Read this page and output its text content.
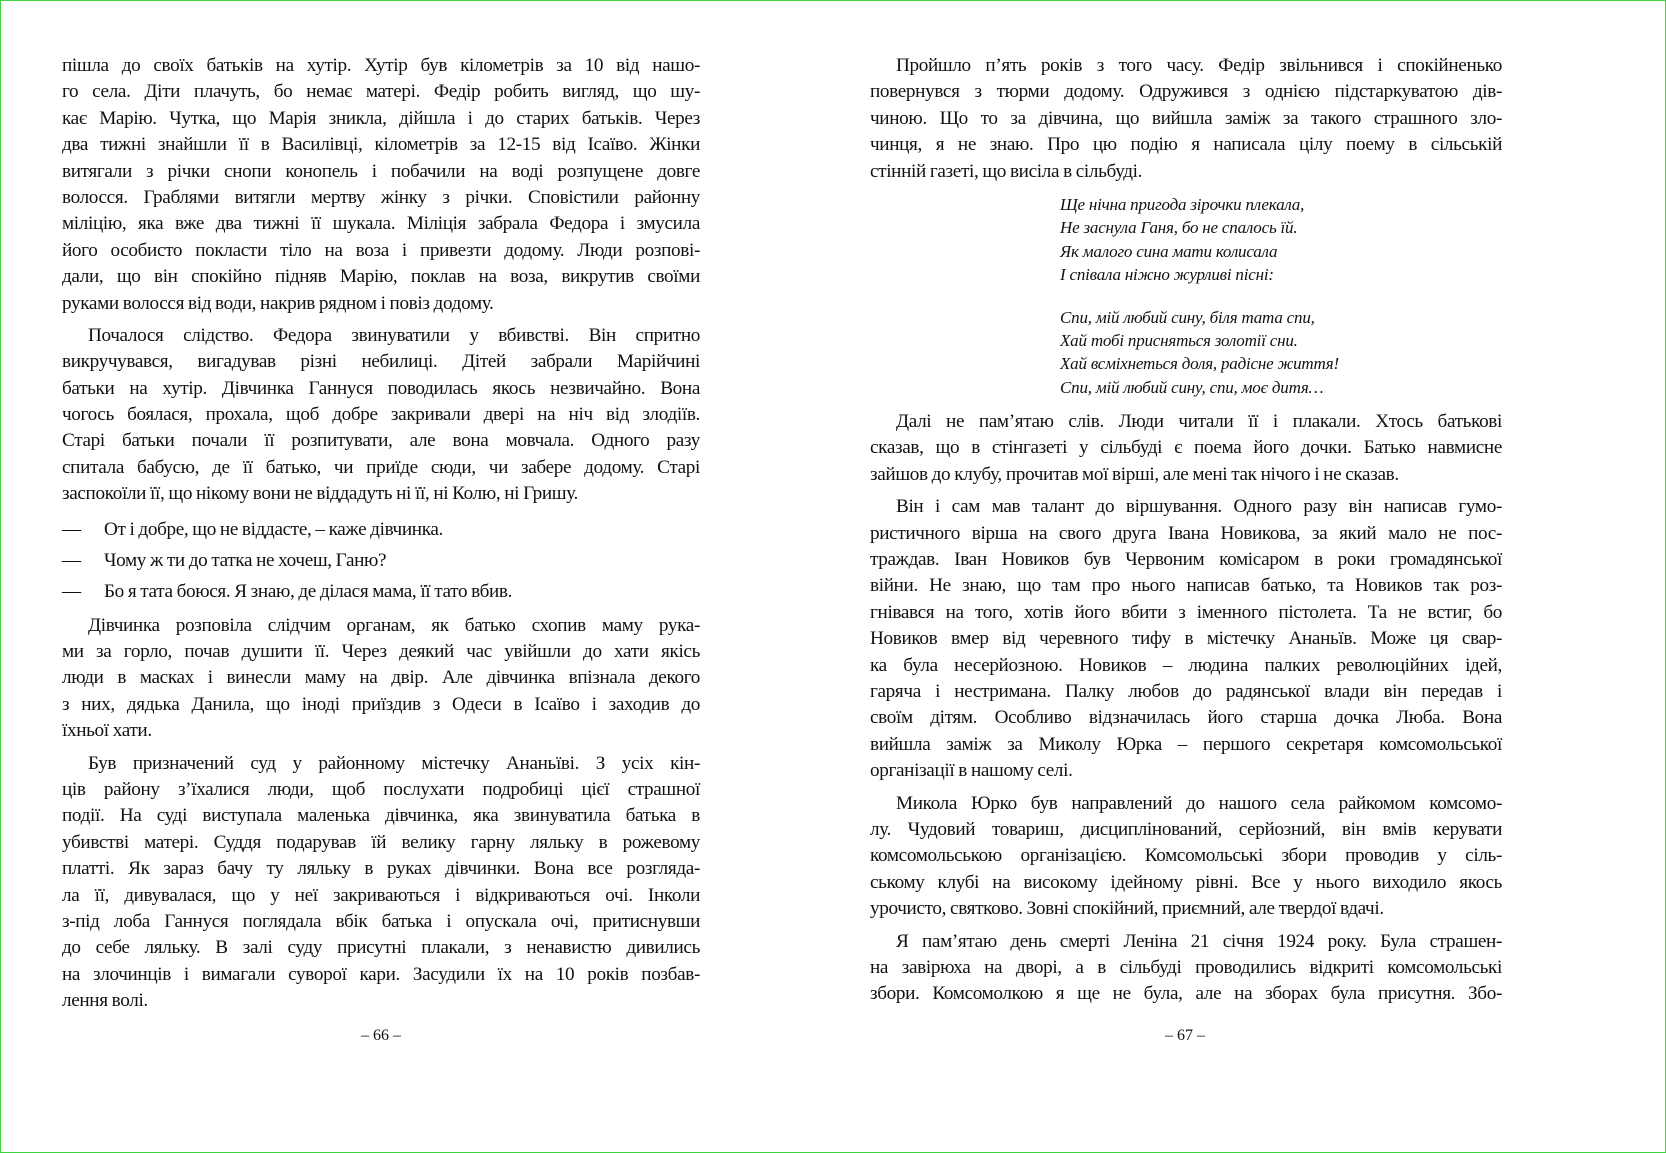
пішла до своїх батьків на хутір. Хутір був кілометрів за 10 від нашо-
го села. Діти плачуть, бо немає матері. Федір робить вигляд, що шу-
кає Марію. Чутка, що Марія зникла, дійшла і до старих батьків. Через
два тижні знайшли її в Василівці, кілометрів за 12-15 від Ісаїво. Жінки
витягали з річки снопи конопель і побачили на воді розпущене довге
волосся. Граблями витягли мертву жінку з річки. Сповістили районну
міліцію, яка вже два тижні її шукала. Міліція забрала Федора і змусила
його особисто покласти тіло на воза і привезти додому. Люди розпові-
дали, що він спокійно підняв Марію, поклав на воза, викрутив своїми
руками волосся від води, накрив рядном і повіз додому.
Почалося слідство. Федора звинуватили у вбивстві. Він спритно
викручувався, вигадував різні небилиці. Дітей забрали Марійчині
батьки на хутір. Дівчинка Ганнуся поводилась якось незвичайно. Вона
чогось боялася, прохала, щоб добре закривали двері на ніч від злодіїв.
Старі батьки почали її розпитувати, але вона мовчала. Одного разу
спитала бабусю, де її батько, чи приїде сюди, чи забере додому. Старі
заспокоїли її, що нікому вони не віддадуть ні її, ні Колю, ні Гришу.
— От і добре, що не віддасте, – каже дівчинка.
— Чому ж ти до татка не хочеш, Ганю?
— Бо я тата боюся. Я знаю, де ділася мама, її тато вбив.
Дівчинка розповіла слідчим органам, як батько схопив маму рука-
ми за горло, почав душити її. Через деякий час увійшли до хати якісь
люди в масках і винесли маму на двір. Але дівчинка впізнала декого
з них, дядька Данила, що іноді приїздив з Одеси в Ісаїво і заходив до
їхньої хати.
Був призначений суд у районному містечку Ананьїві. З усіх кін-
ців району з’їхалися люди, щоб послухати подробиці цієї страшної
події. На суді виступала маленька дівчинка, яка звинуватила батька в
убивстві матері. Суддя подарував їй велику гарну ляльку в рожевому
платті. Як зараз бачу ту ляльку в руках дівчинки. Вона все розгляда-
ла її, дивувалася, що у неї закриваються і відкриваються очі. Інколи
з-під лоба Ганнуся поглядала вбік батька і опускала очі, притиснувши
до себе ляльку. В залі суду присутні плакали, з ненавистю дивились
на злочинців і вимагали суворої кари. Засудили їх на 10 років позбав-
лення волі.
Пройшло п’ять років з того часу. Федір звільнився і спокійненько
повернувся з тюрми додому. Одружився з однією підстаркуватою дів-
чиною. Що то за дівчина, що вийшла заміж за такого страшного зло-
чинця, я не знаю. Про цю подію я написала цілу поему в сільській
стінній газеті, що висіла в сільбуді.
Ще нічна пригода зірочки плекала,
Не заснула Ганя, бо не спалось їй.
Як малого сина мати колисала
І співала ніжно журливі пісні:
Спи, мій любий сину, біля тата спи,
Хай тобі присняться золотії сни.
Хай всміхнеться доля, радісне життя!
Спи, мій любий сину, спи, моє дитя…
Далі не пам’ятаю слів. Люди читали її і плакали. Хтось батькові
сказав, що в стінгазеті у сільбуді є поема його дочки. Батько навмисне
зайшов до клубу, прочитав мої вірші, але мені так нічого і не сказав.
Він і сам мав талант до віршування. Одного разу він написав гумо-
ристичного вірша на свого друга Івана Новикова, за який мало не пос-
траждав. Іван Новиков був Червоним комісаром в роки громадянської
війни. Не знаю, що там про нього написав батько, та Новиков так роз-
гнівався на того, хотів його вбити з іменного пістолета. Та не встиг, бо
Новиков вмер від черевного тифу в містечку Ананьїв. Може ця свар-
ка була несерйозною. Новиков – людина палких революційних ідей,
гаряча і нестримана. Палку любов до радянської влади він передав і
своїм дітям. Особливо відзначилась його старша дочка Люба. Вона
вийшла заміж за Миколу Юрка – першого секретаря комсомольської
організації в нашому селі.
Микола Юрко був направлений до нашого села райкомом комсомо-
лу. Чудовий товариш, дисциплінований, серйозний, він вмів керувати
комсомольською організацією. Комсомольські збори проводив у сіль-
ському клубі на високому ідейному рівні. Все у нього виходило якось
урочисто, святково. Зовні спокійний, приємний, але твердої вдачі.
Я пам’ятаю день смерті Леніна 21 січня 1924 року. Була страшен-
на завірюха на дворі, а в сільбуді проводились відкриті комсомольські
збори. Комсомолкою я ще не була, але на зборах була присутня. Збо-
– 66 –	– 67 –
